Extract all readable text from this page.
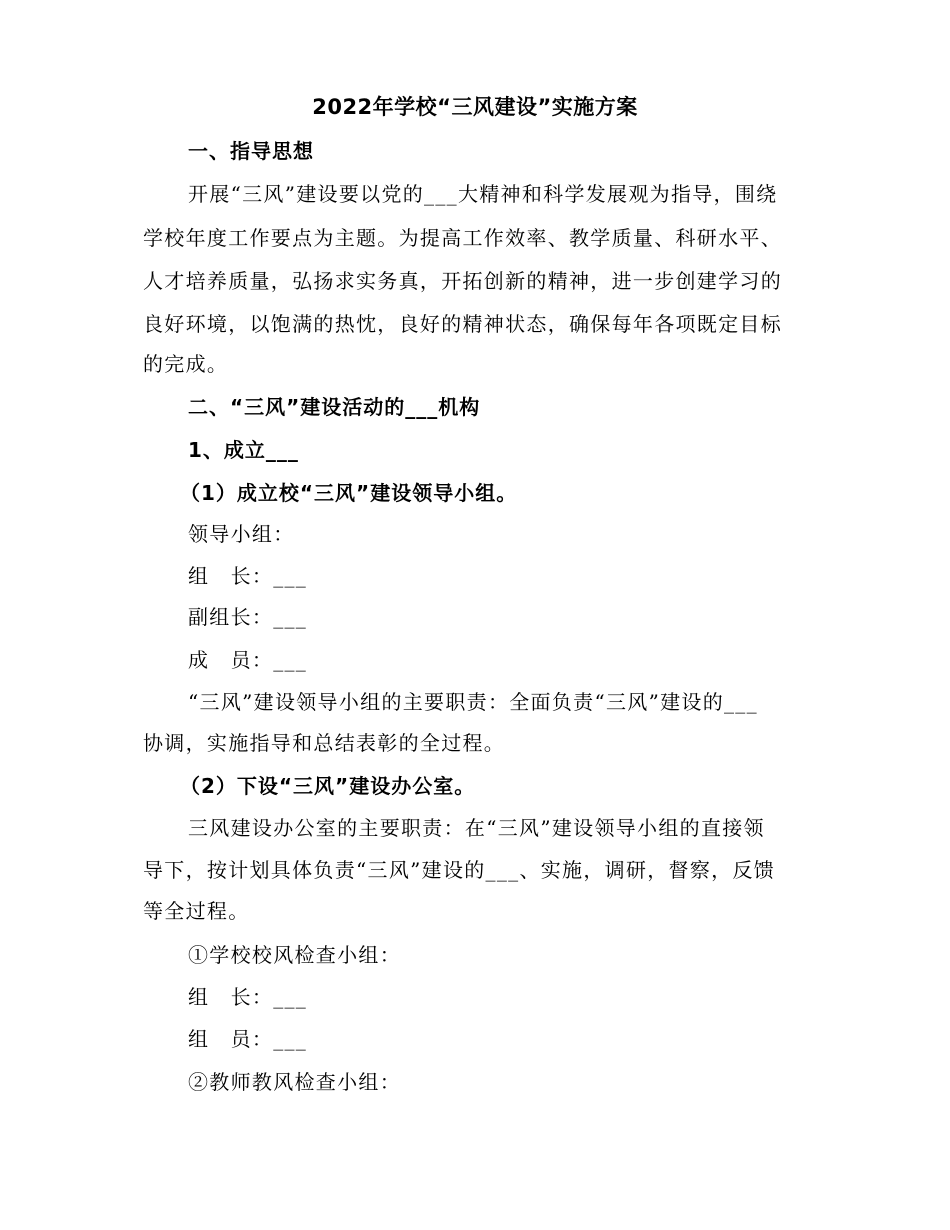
2022年学校“三风建设”实施方案
一、指导思想
开展“三风”建设要以党的___大精神和科学发展观为指导，围绕
学校年度工作要点为主题。为提高工作效率、教学质量、科研水平、
人才培养质量，弘扬求实务真，开拓创新的精神，进一步创建学习的
良好环境，以饱满的热忱，良好的精神状态，确保每年各项既定目标
的完成。
二、“三风”建设活动的___机构
1、成立___
（1）成立校“三风”建设领导小组。
领导小组：
组　长：___
副组长：___
成　员：___
“三风”建设领导小组的主要职责：全面负责“三风”建设的___
协调，实施指导和总结表彰的全过程。
（2）下设“三风”建设办公室。
三风建设办公室的主要职责：在“三风”建设领导小组的直接领
导下，按计划具体负责“三风”建设的___、实施，调研，督察，反馈
等全过程。
①学校校风检查小组：
组　长：___
组　员：___
②教师教风检查小组：
